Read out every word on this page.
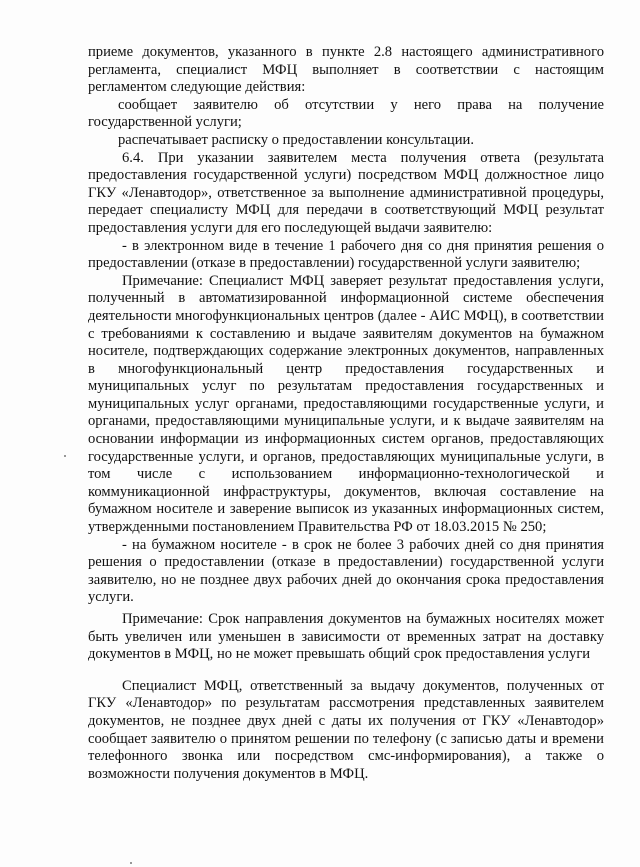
приеме документов, указанного в пункте 2.8 настоящего административного регламента, специалист МФЦ выполняет в соответствии с настоящим регламентом следующие действия:

сообщает заявителю об отсутствии у него права на получение государственной услуги;

распечатывает расписку о предоставлении консультации.

6.4. При указании заявителем места получения ответа (результата предоставления государственной услуги) посредством МФЦ должностное лицо ГКУ «Ленавтодор», ответственное за выполнение административной процедуры, передает специалисту МФЦ для передачи в соответствующий МФЦ результат предоставления услуги для его последующей выдачи заявителю:

- в электронном виде в течение 1 рабочего дня со дня принятия решения о предоставлении (отказе в предоставлении) государственной услуги заявителю;

Примечание: Специалист МФЦ заверяет результат предоставления услуги, полученный в автоматизированной информационной системе обеспечения деятельности многофункциональных центров (далее - АИС МФЦ), в соответствии с требованиями к составлению и выдаче заявителям документов на бумажном носителе, подтверждающих содержание электронных документов, направленных в многофункциональный центр предоставления государственных и муниципальных услуг по результатам предоставления государственных и муниципальных услуг органами, предоставляющими государственные услуги, и органами, предоставляющими муниципальные услуги, и к выдаче заявителям на основании информации из информационных систем органов, предоставляющих государственные услуги, и органов, предоставляющих муниципальные услуги, в том числе с использованием информационно-технологической и коммуникационной инфраструктуры, документов, включая составление на бумажном носителе и заверение выписок из указанных информационных систем, утвержденными постановлением Правительства РФ от 18.03.2015 № 250;

- на бумажном носителе - в срок не более 3 рабочих дней со дня принятия решения о предоставлении (отказе в предоставлении) государственной услуги заявителю, но не позднее двух рабочих дней до окончания срока предоставления услуги.

Примечание: Срок направления документов на бумажных носителях может быть увеличен или уменьшен в зависимости от временных затрат на доставку документов в МФЦ, но не может превышать общий срок предоставления услуги

Специалист МФЦ, ответственный за выдачу документов, полученных от ГКУ «Ленавтодор» по результатам рассмотрения представленных заявителем документов, не позднее двух дней с даты их получения от ГКУ «Ленавтодор» сообщает заявителю о принятом решении по телефону (с записью даты и времени телефонного звонка или посредством смс-информирования), а также о возможности получения документов в МФЦ.
